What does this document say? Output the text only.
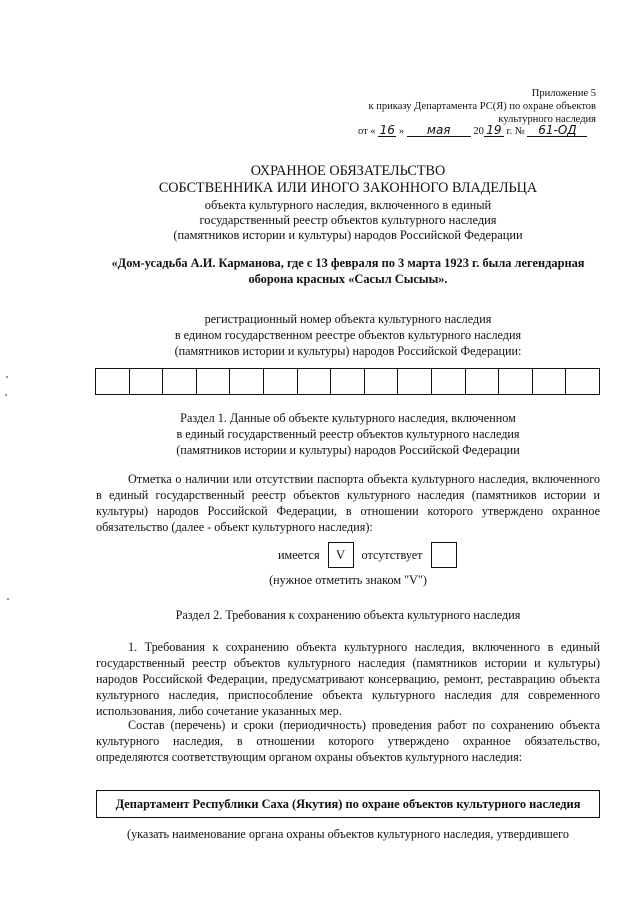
Приложение 5
к приказу Департамента РС(Я) по охране объектов
культурного наследия
от « 16 » мая 20 19 г. № 61-ОД
ОХРАННОЕ ОБЯЗАТЕЛЬСТВО
СОБСТВЕННИКА ИЛИ ИНОГО ЗАКОННОГО ВЛАДЕЛЬЦА
объекта культурного наследия, включенного в единый
государственный реестр объектов культурного наследия
(памятников истории и культуры) народов Российской Федерации
«Дом-усадьба А.И. Карманова, где с 13 февраля по 3 марта 1923 г. была легендарная
оборона красных «Сасыл Сысыы».
регистрационный номер объекта культурного наследия
в едином государственном реестре объектов культурного наследия
(памятников истории и культуры) народов Российской Федерации:
Раздел 1. Данные об объекте культурного наследия, включенном
в единый государственный реестр объектов культурного наследия
(памятников истории и культуры) народов Российской Федерации
Отметка о наличии или отсутствии паспорта объекта культурного наследия, включенного в единый государственный реестр объектов культурного наследия (памятников истории и культуры) народов Российской Федерации, в отношении которого утверждено охранное обязательство (далее - объект культурного наследия):
имеется	V	отсутствует
(нужное отметить знаком "V")
Раздел 2. Требования к сохранению объекта культурного наследия
1. Требования к сохранению объекта культурного наследия, включенного в единый государственный реестр объектов культурного наследия (памятников истории и культуры) народов Российской Федерации, предусматривают консервацию, ремонт, реставрацию объекта культурного наследия, приспособление объекта культурного наследия для современного использования, либо сочетание указанных мер.
Состав (перечень) и сроки (периодичность) проведения работ по сохранению объекта культурного наследия, в отношении которого утверждено охранное обязательство, определяются соответствующим органом охраны объектов культурного наследия:
Департамент Республики Саха (Якутия) по охране объектов культурного наследия
(указать наименование органа охраны объектов культурного наследия, утвердившего
